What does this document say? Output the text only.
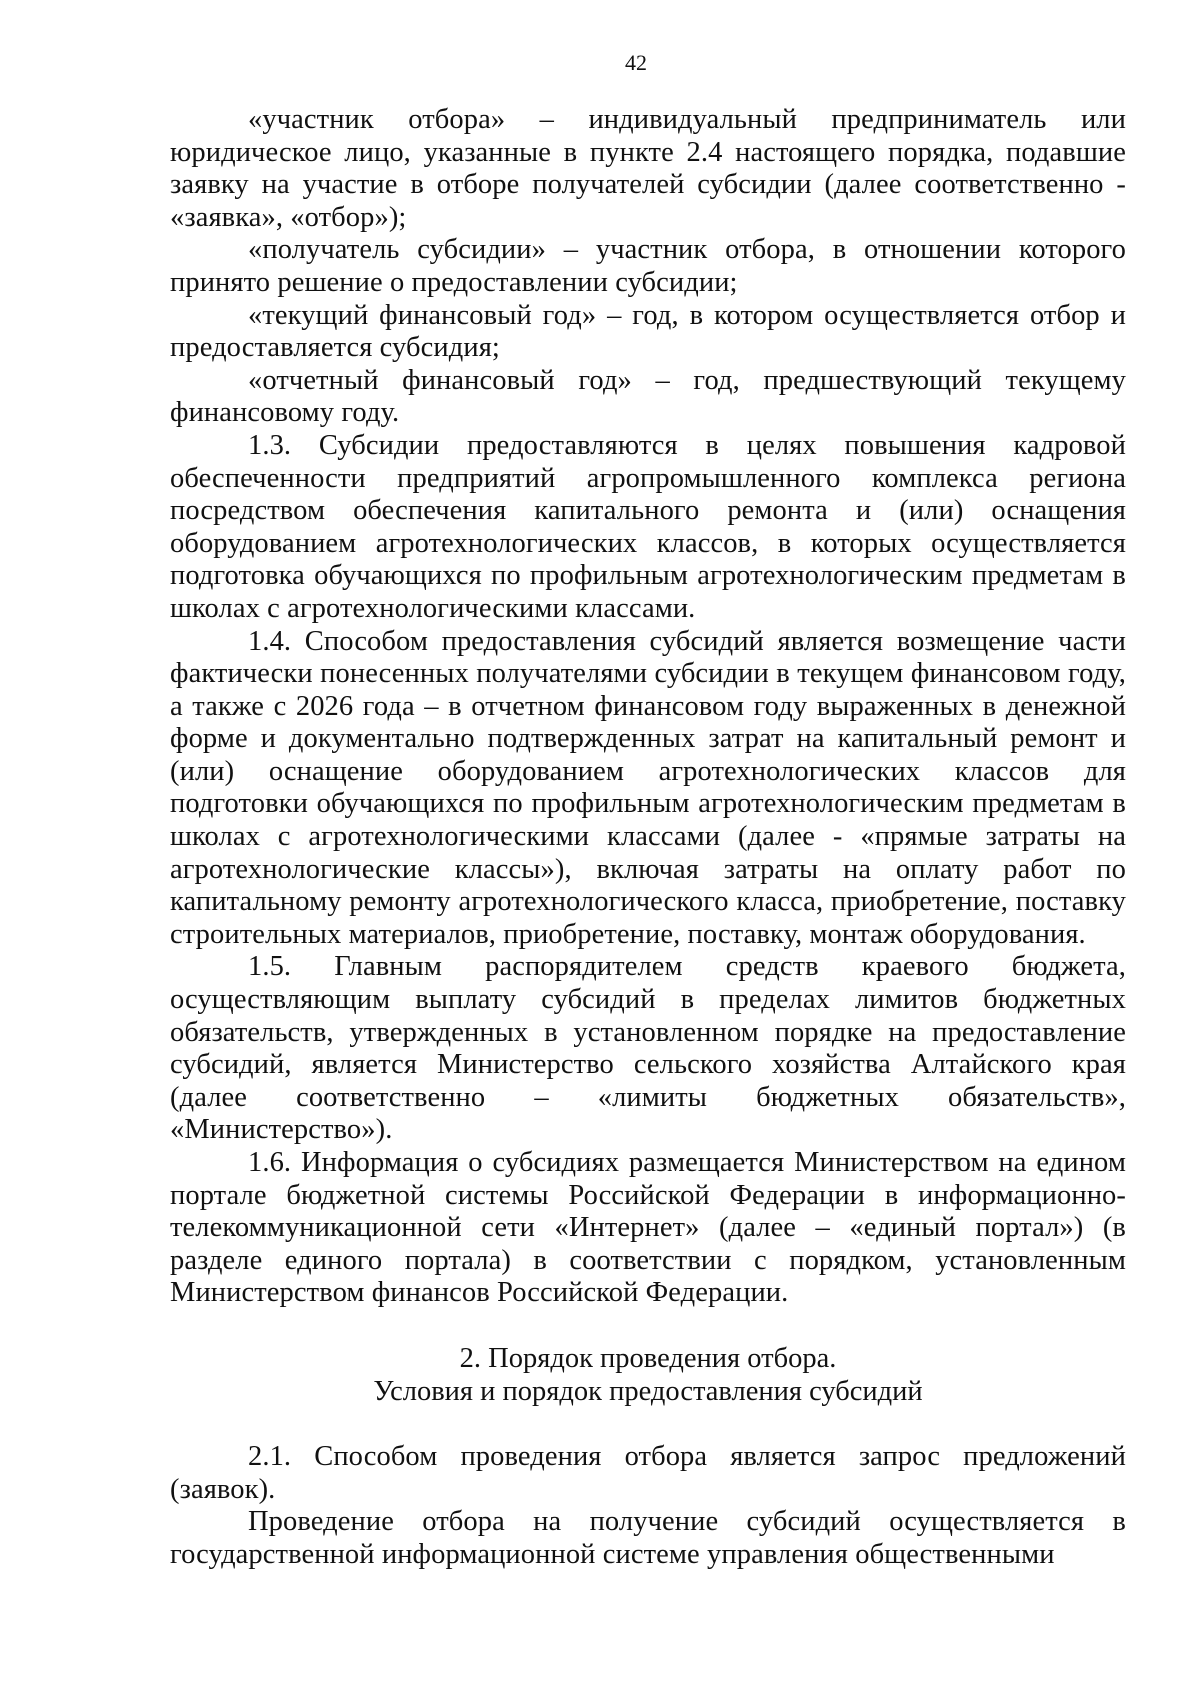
42

«участник отбора» – индивидуальный предприниматель или юридическое лицо, указанные в пункте 2.4 настоящего порядка, подавшие заявку на участие в отборе получателей субсидии (далее соответственно - «заявка», «отбор»);

«получатель субсидии» – участник отбора, в отношении которого принято решение о предоставлении субсидии;

«текущий финансовый год» – год, в котором осуществляется отбор и предоставляется субсидия;

«отчетный финансовый год» – год, предшествующий текущему финансовому году.

1.3. Субсидии предоставляются в целях повышения кадровой обеспеченности предприятий агропромышленного комплекса региона посредством обеспечения капитального ремонта и (или) оснащения оборудованием агротехнологических классов, в которых осуществляется подготовка обучающихся по профильным агротехнологическим предметам в школах с агротехнологическими классами.

1.4. Способом предоставления субсидий является возмещение части фактически понесенных получателями субсидии в текущем финансовом году, а также с 2026 года – в отчетном финансовом году выраженных в денежной форме и документально подтвержденных затрат на капитальный ремонт и (или) оснащение оборудованием агротехнологических классов для подготовки обучающихся по профильным агротехнологическим предметам в школах с агротехнологическими классами (далее - «прямые затраты на агротехнологические классы»), включая затраты на оплату работ по капитальному ремонту агротехнологического класса, приобретение, поставку строительных материалов, приобретение, поставку, монтаж оборудования.

1.5. Главным распорядителем средств краевого бюджета, осуществляющим выплату субсидий в пределах лимитов бюджетных обязательств, утвержденных в установленном порядке на предоставление субсидий, является Министерство сельского хозяйства Алтайского края (далее соответственно – «лимиты бюджетных обязательств», «Министерство»).

1.6. Информация о субсидиях размещается Министерством на едином портале бюджетной системы Российской Федерации в информационно-телекоммуникационной сети «Интернет» (далее – «единый портал») (в разделе единого портала) в соответствии с порядком, установленным Министерством финансов Российской Федерации.

2. Порядок проведения отбора.

Условия и порядок предоставления субсидий

2.1. Способом проведения отбора является запрос предложений (заявок).

Проведение отбора на получение субсидий осуществляется в государственной информационной системе управления общественными
